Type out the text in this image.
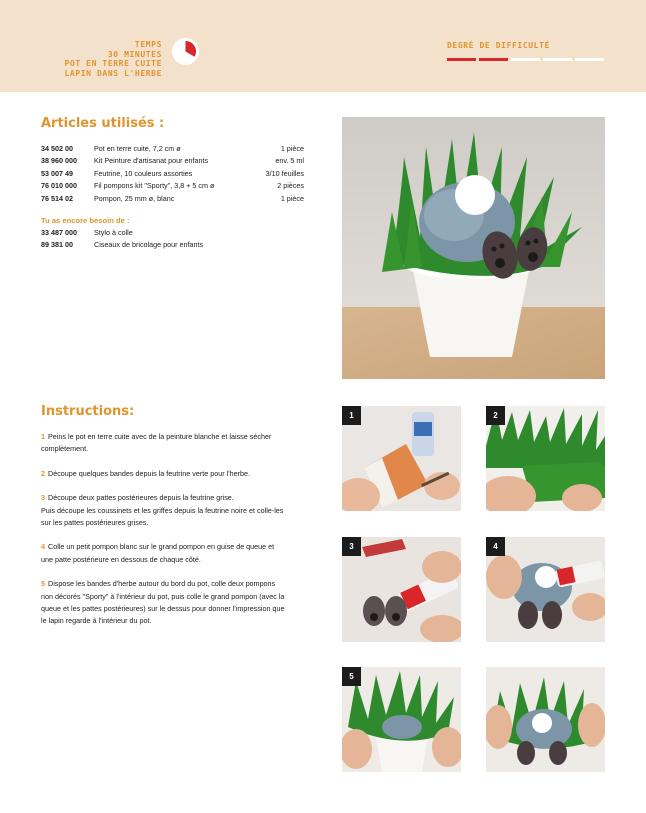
TEMPS
30 MINUTES
POT EN TERRE CUITE
LAPIN DANS L'HERBE
DEGRÉ DE DIFFICULTÉ
Articles utilisés :
34 502 00	Pot en terre cuite, 7,2 cm ø	1 pièce
38 960 000	Kit Peinture d'artisanat pour enfants	env. 5 ml
53 007 49	Feutrine, 10 couleurs assorties	3/10 feuilles
76 010 000	Fil pompons kit "Sporty", 3,8 + 5 cm ø	2 pièces
76 514 02	Pompon, 25 mm ø, blanc	1 pièce
Tu as encore besoin de :
33 487 000	Stylo à colle
89 381 00	Ciseaux de bricolage pour enfants
Instructions:
1 Peins le pot en terre cuite avec de la peinture blanche et laisse sécher
complètement.
2 Découpe quelques bandes depuis la feutrine verte pour l'herbe.
3 Découpe deux pattes postérieures depuis la feutrine grise.
Puis découpe les coussinets et les griffes depuis la feutrine noire et colle-les
sur les pattes postérieures grises.
4 Colle un petit pompon blanc sur le grand pompon en guise de queue et
une patte postérieure en dessous de chaque côté.
5 Dispose les bandes d'herbe autour du bord du pot, colle deux pompons
non décorés "Sporty" à l'intérieur du pot, puis colle le grand pompon (avec la
queue et les pattes postérieures) sur le dessus pour donner l'impression que
le lapin regarde à l'intérieur du pot.
1	2
3	4
5
